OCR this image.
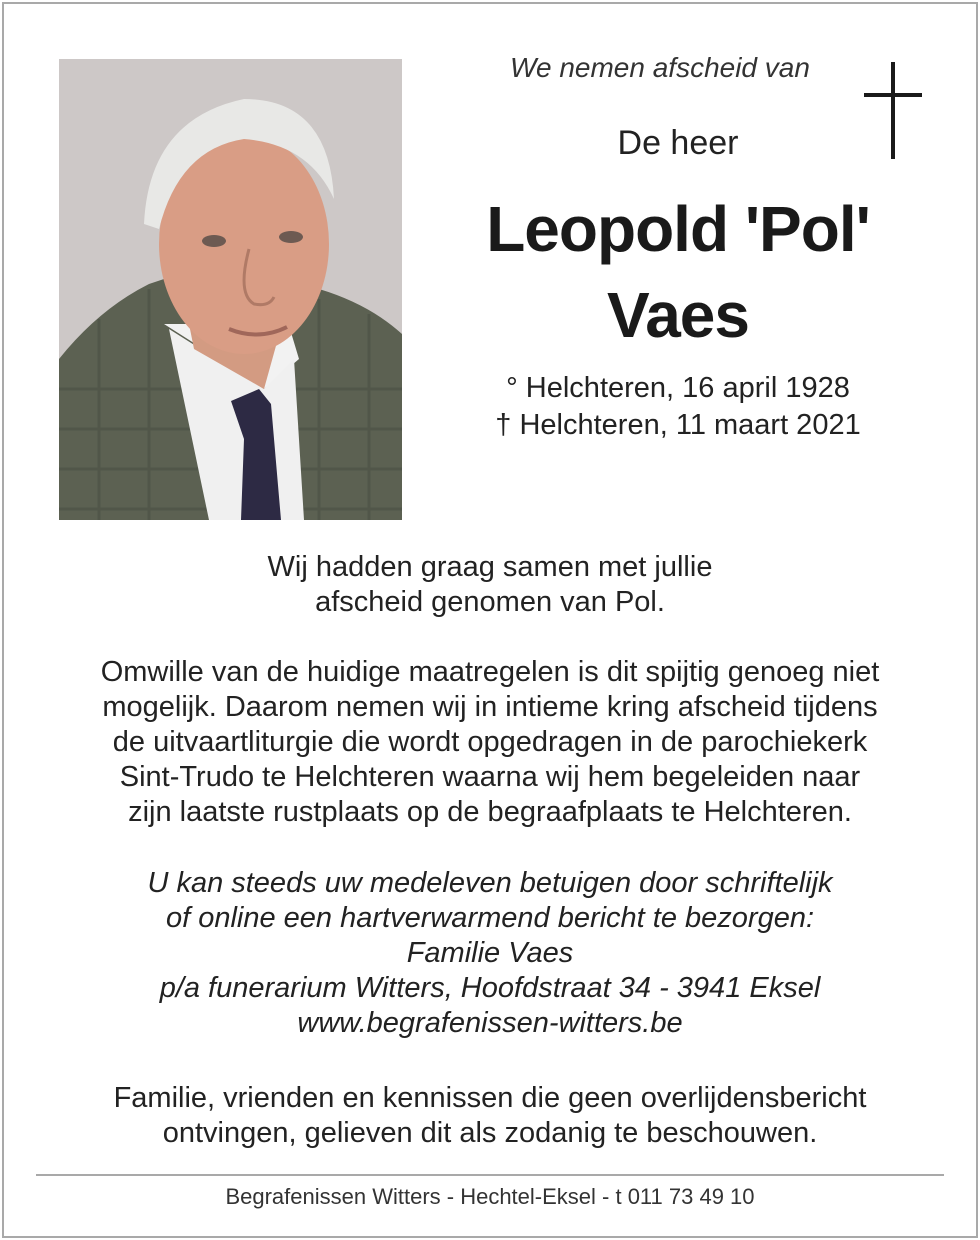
We nemen afscheid van
De heer
Leopold 'Pol'
Vaes
° Helchteren, 16 april 1928
† Helchteren, 11 maart 2021
Wij hadden graag samen met jullie
afscheid genomen van Pol.
Omwille van de huidige maatregelen is dit spijtig genoeg niet
mogelijk. Daarom nemen wij in intieme kring afscheid tijdens
de uitvaartliturgie die wordt opgedragen in de parochiekerk
Sint-Trudo te Helchteren waarna wij hem begeleiden naar
zijn laatste rustplaats op de begraafplaats te Helchteren.
U kan steeds uw medeleven betuigen door schriftelijk
of online een hartverwarmend bericht te bezorgen:
Familie Vaes
p/a funerarium Witters, Hoofdstraat 34 - 3941 Eksel
www.begrafenissen-witters.be
Familie, vrienden en kennissen die geen overlijdensbericht
ontvingen, gelieven dit als zodanig te beschouwen.
Begrafenissen Witters - Hechtel-Eksel - t 011 73 49 10
